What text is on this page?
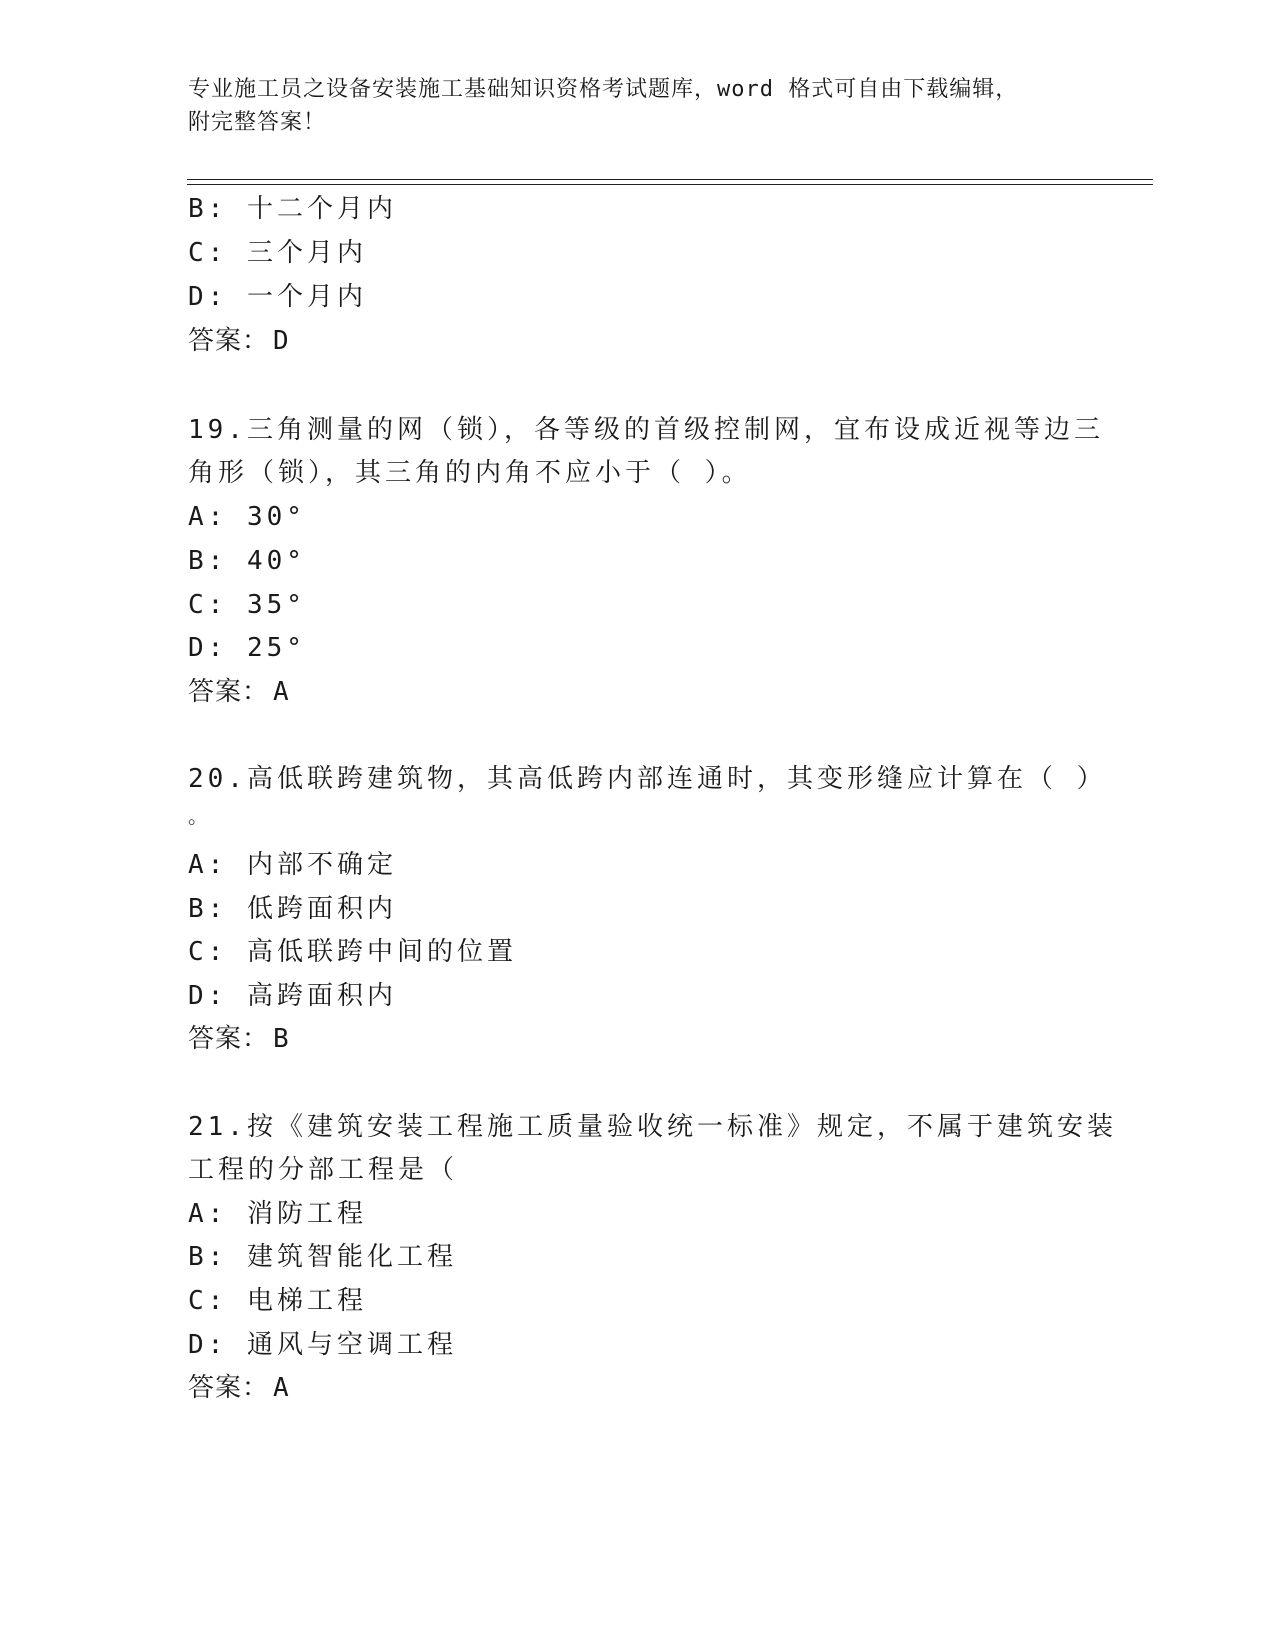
专业施工员之设备安装施工基础知识资格考试题库，word 格式可自由下载编辑，
附完整答案！
B: 十二个月内
C: 三个月内
D: 一个月内
答案： D
19.三角测量的网（锁），各等级的首级控制网，宜布设成近视等边三
角形（锁），其三角的内角不应小于（ ）。
A: 30°
B: 40°
C: 35°
D: 25°
答案： A
20.高低联跨建筑物，其高低跨内部连通时，其变形缝应计算在（ ）
。
A: 内部不确定
B: 低跨面积内
C: 高低联跨中间的位置
D: 高跨面积内
答案： B
21.按《建筑安装工程施工质量验收统一标准》规定，不属于建筑安装
工程的分部工程是（
A: 消防工程
B: 建筑智能化工程
C: 电梯工程
D: 通风与空调工程
答案： A
